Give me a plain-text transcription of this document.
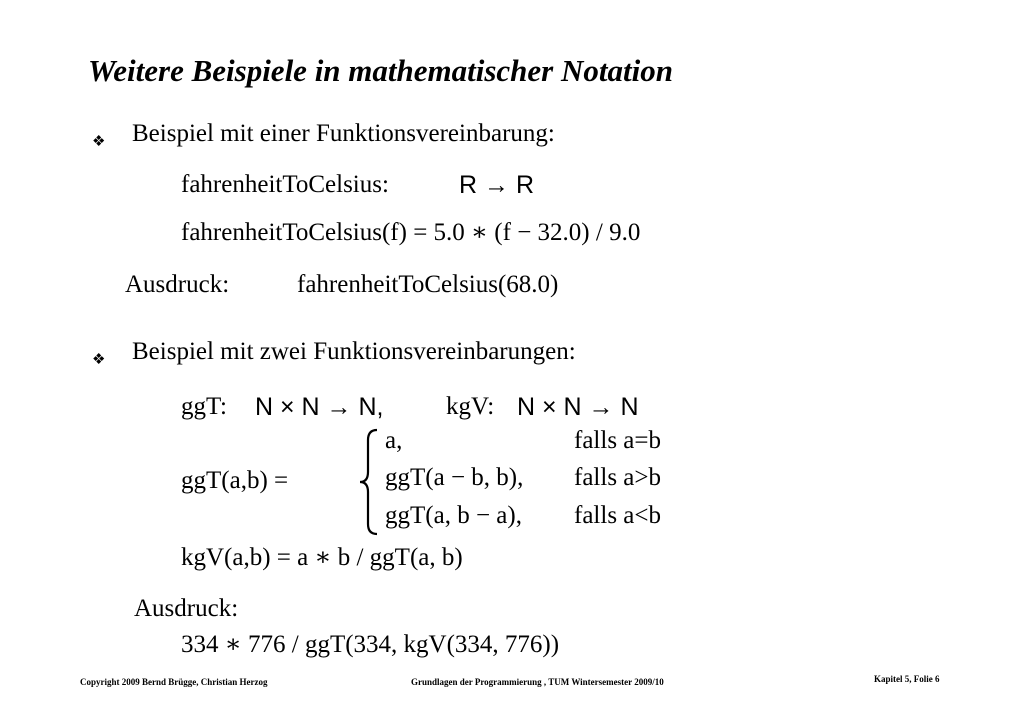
Weitere Beispiele in mathematischer Notation
❖ Beispiel mit einer Funktionsvereinbarung:
fahrenheitToCelsius:	R → R
fahrenheitToCelsius(f) = 5.0 ∗ (f − 32.0) / 9.0
Ausdruck:	fahrenheitToCelsius(68.0)
❖ Beispiel mit zwei Funktionsvereinbarungen:
ggT: N × N → N,	kgV: N × N → N
ggT(a,b) =
a,	falls a=b
ggT(a − b, b), falls a>b
ggT(a, b − a), falls a<b
kgV(a,b) = a ∗ b / ggT(a, b)
Ausdruck:
334 ∗ 776 / ggT(334, kgV(334, 776))
Copyright 2009 Bernd Brügge, Christian Herzog	Grundlagen der Programmierung , TUM Wintersemester 2009/10	Kapitel 5, Folie 6
